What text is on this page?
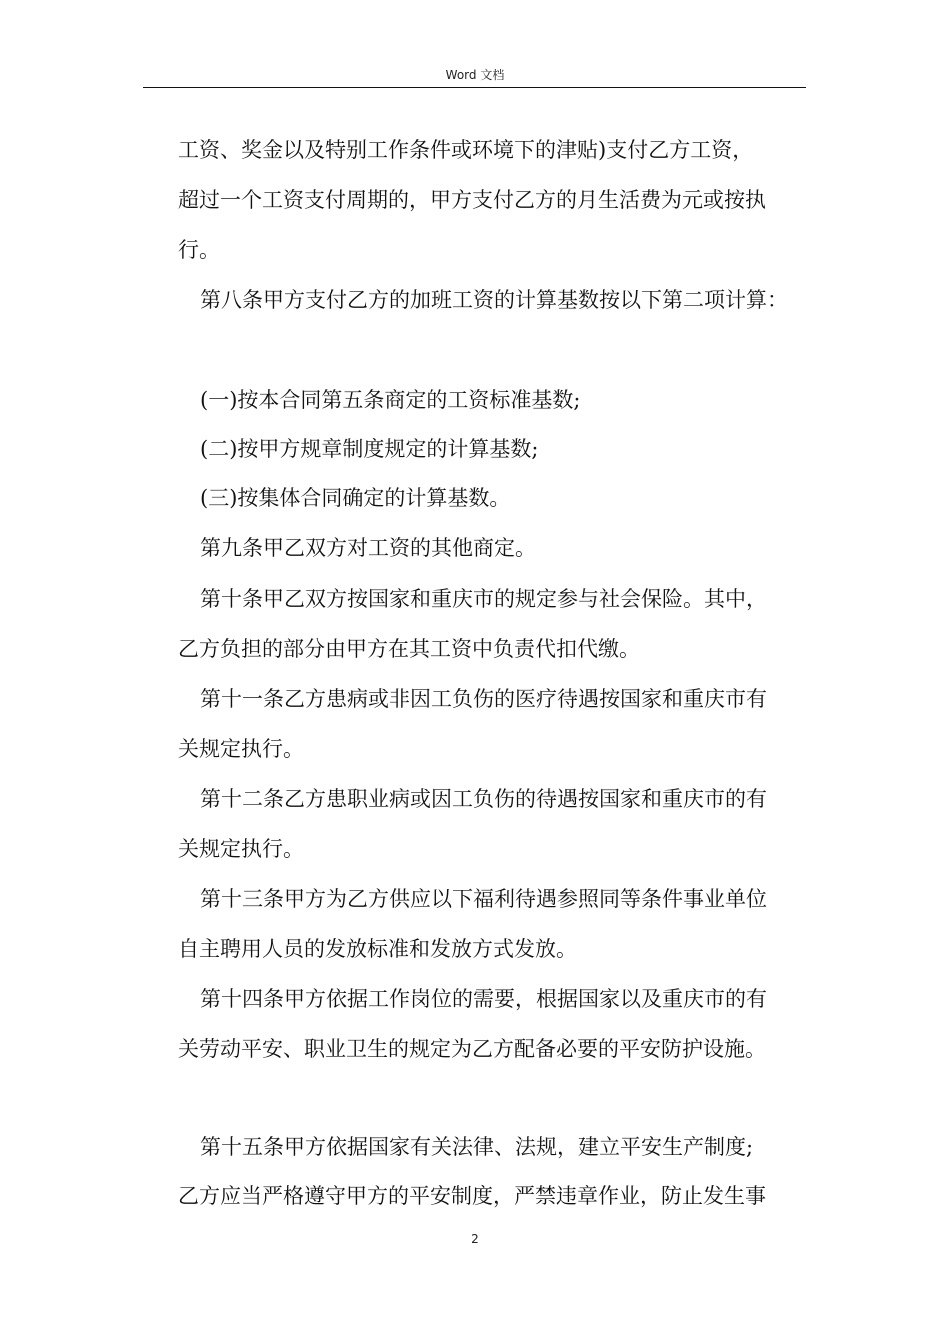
Word 文档
工资、奖金以及特别工作条件或环境下的津贴)支付乙方工资，
超过一个工资支付周期的，甲方支付乙方的月生活费为元或按执
行。
第八条甲方支付乙方的加班工资的计算基数按以下第二项计算：
(一)按本合同第五条商定的工资标准基数;
(二)按甲方规章制度规定的计算基数;
(三)按集体合同确定的计算基数。
第九条甲乙双方对工资的其他商定。
第十条甲乙双方按国家和重庆市的规定参与社会保险。其中，
乙方负担的部分由甲方在其工资中负责代扣代缴。
第十一条乙方患病或非因工负伤的医疗待遇按国家和重庆市有
关规定执行。
第十二条乙方患职业病或因工负伤的待遇按国家和重庆市的有
关规定执行。
第十三条甲方为乙方供应以下福利待遇参照同等条件事业单位
自主聘用人员的发放标准和发放方式发放。
第十四条甲方依据工作岗位的需要，根据国家以及重庆市的有
关劳动平安、职业卫生的规定为乙方配备必要的平安防护设施。
第十五条甲方依据国家有关法律、法规，建立平安生产制度;
乙方应当严格遵守甲方的平安制度，严禁违章作业，防止发生事
2
